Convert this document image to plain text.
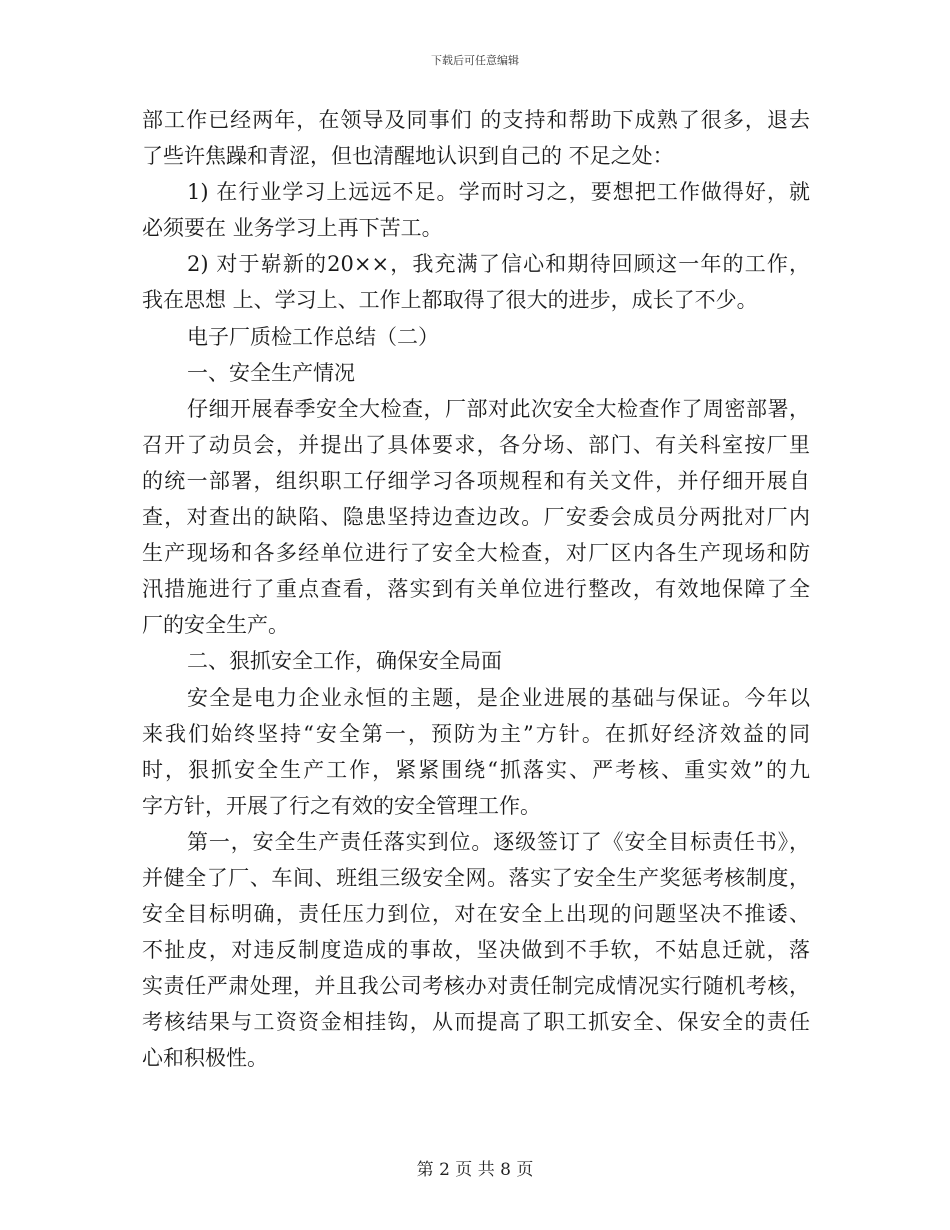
下载后可任意编辑
部工作已经两年，在领导及同事们 的支持和帮助下成熟了很多，退去
了些许焦躁和青涩，但也清醒地认识到自己的 不足之处：
1) 在行业学习上远远不足。学而时习之，要想把工作做得好，就
必须要在 业务学习上再下苦工。
2) 对于崭新的20××，我充满了信心和期待回顾这一年的工作，
我在思想 上、学习上、工作上都取得了很大的进步，成长了不少。
电子厂质检工作总结（二）
一、安全生产情况
仔细开展春季安全大检查，厂部对此次安全大检查作了周密部署，
召开了动员会，并提出了具体要求，各分场、部门、有关科室按厂里
的统一部署，组织职工仔细学习各项规程和有关文件，并仔细开展自
查，对查出的缺陷、隐患坚持边查边改。厂安委会成员分两批对厂内
生产现场和各多经单位进行了安全大检查，对厂区内各生产现场和防
汛措施进行了重点查看，落实到有关单位进行整改，有效地保障了全
厂的安全生产。
二、狠抓安全工作，确保安全局面
安全是电力企业永恒的主题，是企业进展的基础与保证。今年以
来我们始终坚持“安全第一，预防为主”方针。在抓好经济效益的同
时，狠抓安全生产工作，紧紧围绕“抓落实、严考核、重实效”的九
字方针，开展了行之有效的安全管理工作。
第一，安全生产责任落实到位。逐级签订了《安全目标责任书》，
并健全了厂、车间、班组三级安全网。落实了安全生产奖惩考核制度，
安全目标明确，责任压力到位，对在安全上出现的问题坚决不推诿、
不扯皮，对违反制度造成的事故，坚决做到不手软，不姑息迁就，落
实责任严肃处理，并且我公司考核办对责任制完成情况实行随机考核，
考核结果与工资资金相挂钩，从而提高了职工抓安全、保安全的责任
心和积极性。
第 2 页 共 8 页
